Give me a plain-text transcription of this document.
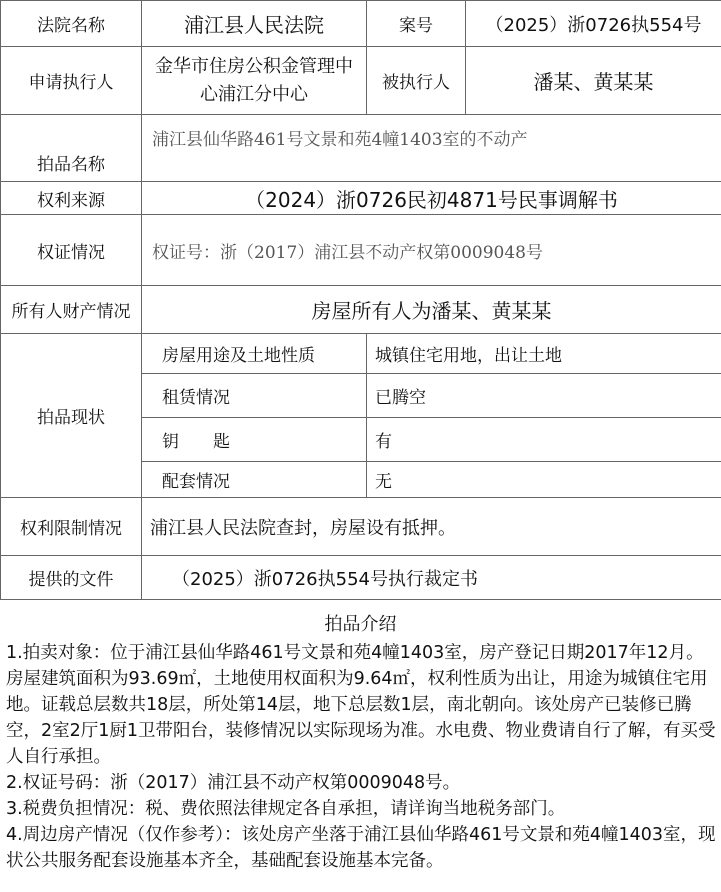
法院名称	浦江县人民法院	案号	（2025）浙0726执554号
申请执行人	金华市住房公积金管理中心浦江分中心	被执行人	潘某、黄某某
拍品名称	浦江县仙华路461号文景和苑4幢1403室的不动产		
权利来源	（2024）浙0726民初4871号民事调解书		
权证情况	权证号：浙（2017）浦江县不动产权第0009048号		
所有人财产情况	房屋所有人为潘某、黄某某		
拍品现状	房屋用途及土地性质	城镇住宅用地，出让土地	
	租赁情况	已腾空	
	钥　　匙	有	
	配套情况	无	
权利限制情况	浦江县人民法院查封，房屋设有抵押。		
提供的文件	（2025）浙0726执554号执行裁定书		
拍品介绍

1.拍卖对象：位于浦江县仙华路461号文景和苑4幢1403室，房产登记日期2017年12月。房屋建筑面积为93.69㎡，土地使用权面积为9.64㎡，权利性质为出让，用途为城镇住宅用地。证载总层数共18层，所处第14层，地下总层数1层，南北朝向。该处房产已装修已腾空，2室2厅1厨1卫带阳台，装修情况以实际现场为准。水电费、物业费请自行了解，有买受人自行承担。

2.权证号码：浙（2017）浦江县不动产权第0009048号。

3.税费负担情况：税、费依照法律规定各自承担，请详询当地税务部门。

4.周边房产情况（仅作参考）：该处房产坐落于浦江县仙华路461号文景和苑4幢1403室，现状公共服务配套设施基本齐全，基础配套设施基本完备。
